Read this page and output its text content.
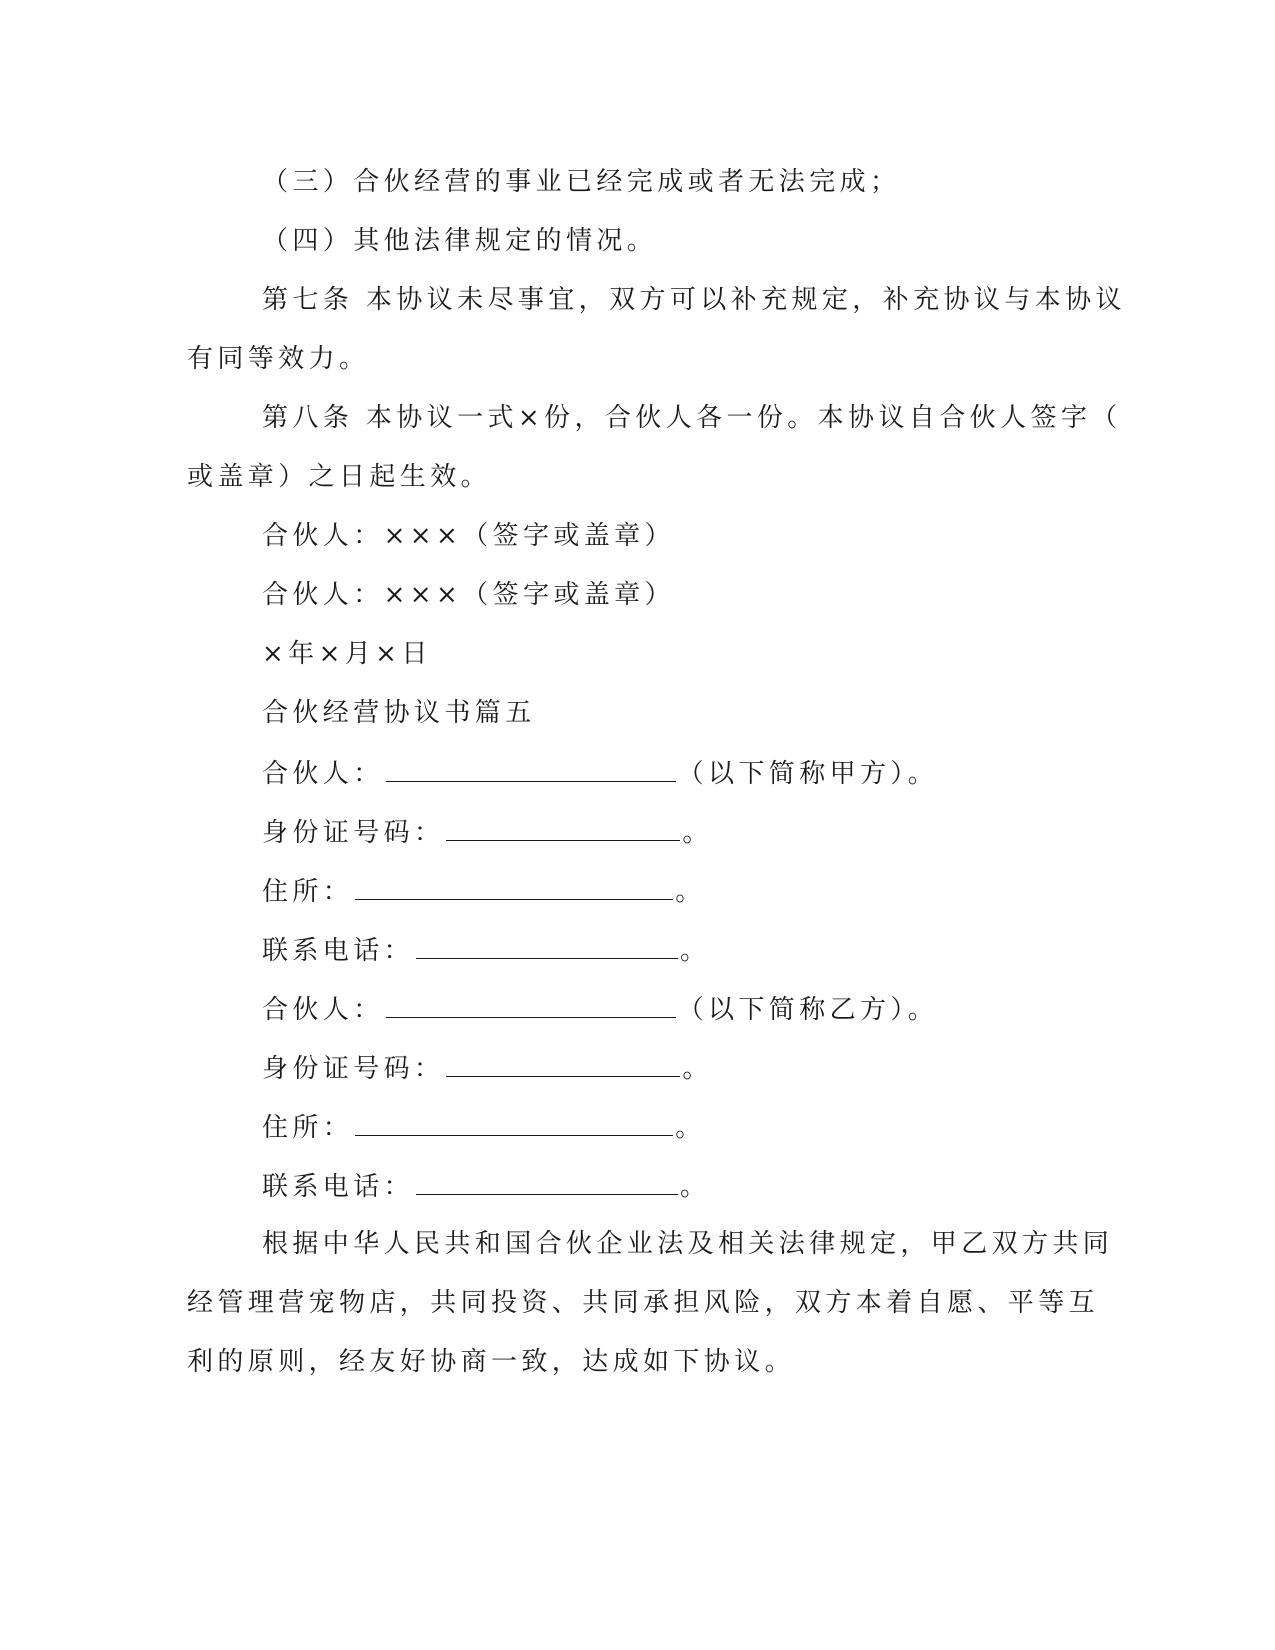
（三）合伙经营的事业已经完成或者无法完成；
（四）其他法律规定的情况。
第七条 本协议未尽事宜，双方可以补充规定，补充协议与本协议
有同等效力。
第八条 本协议一式×份，合伙人各一份。本协议自合伙人签字（
或盖章）之日起生效。
合伙人：×××（签字或盖章）
合伙人：×××（签字或盖章）
×年×月×日
合伙经营协议书篇五
合伙人：	（以下简称甲方）。
身份证号码：	。
住所：	。
联系电话：	。
合伙人：	（以下简称乙方）。
身份证号码：	。
住所：	。
联系电话：	。
根据中华人民共和国合伙企业法及相关法律规定，甲乙双方共同
经管理营宠物店，共同投资、共同承担风险，双方本着自愿、平等互
利的原则，经友好协商一致，达成如下协议。
